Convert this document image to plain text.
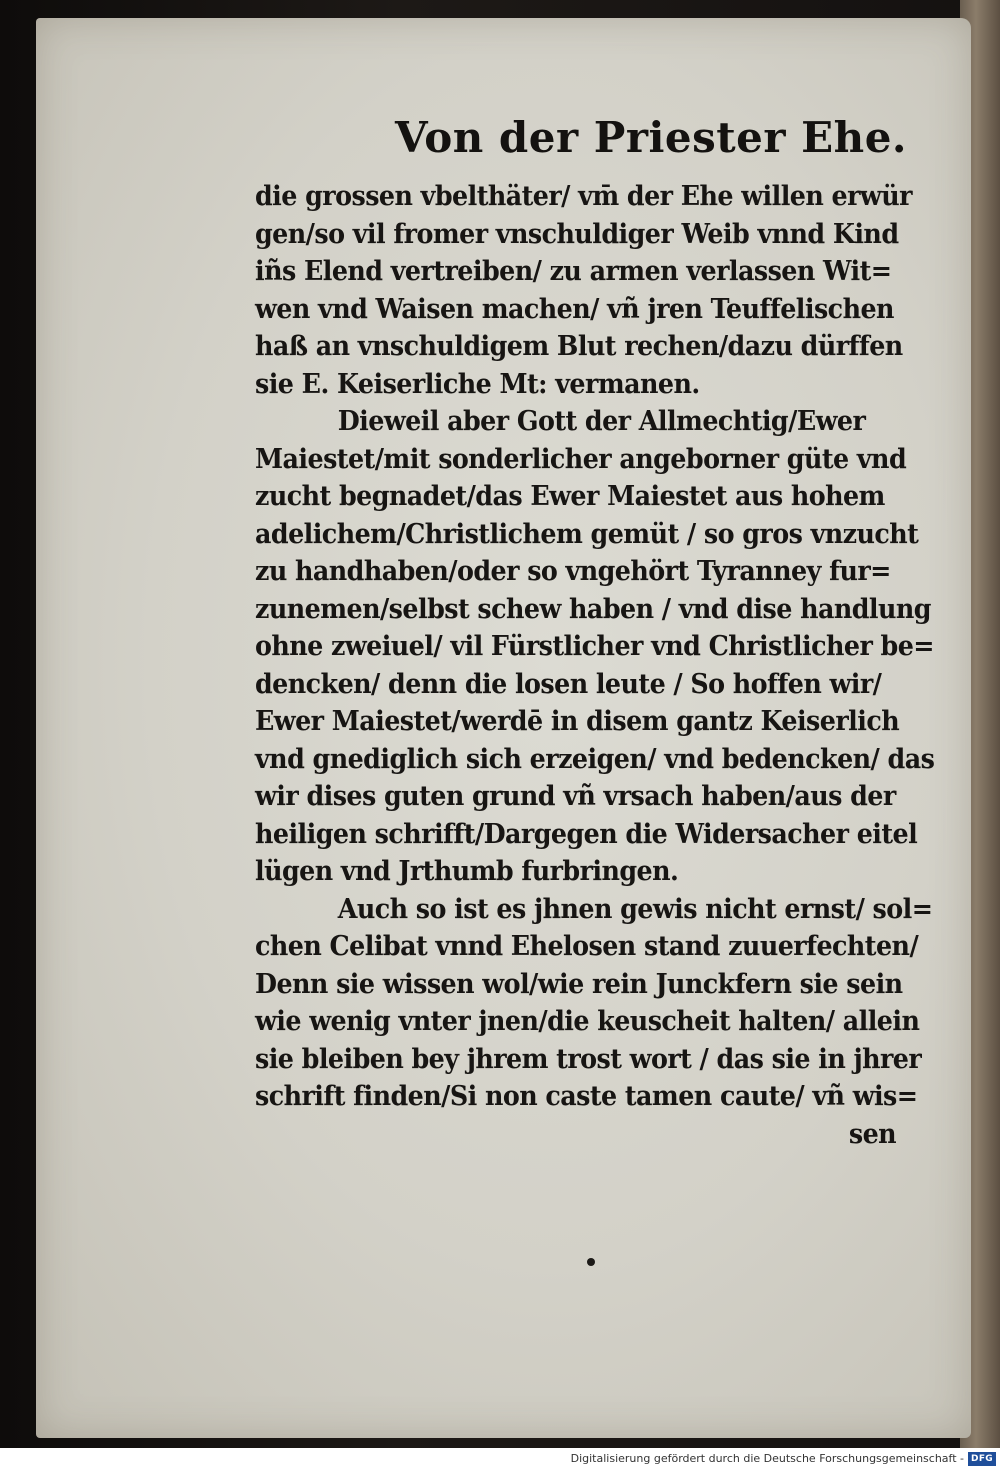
Von der Priester Ehe.
die grossen vbelthäter/ vm̄ der Ehe willen erwür
gen/so vil fromer vnschuldiger Weib vnnd Kind
iñs Elend vertreiben/ zu armen verlassen Wit=
wen vnd Waisen machen/ vñ jren Teuffelischen
haß an vnschuldigem Blut rechen/dazu dürffen
sie E. Keiserliche Mt: vermanen.
Dieweil aber Gott der Allmechtig/Ewer
Maiestet/mit sonderlicher angeborner güte vnd
zucht begnadet/das Ewer Maiestet aus hohem
adelichem/Christlichem gemüt / so gros vnzucht
zu handhaben/oder so vngehört Tyranney fur=
zunemen/selbst schew haben / vnd dise handlung
ohne zweiuel/ vil Fürstlicher vnd Christlicher be=
dencken/ denn die losen leute / So hoffen wir/
Ewer Maiestet/werdē in disem gantz Keiserlich
vnd gnediglich sich erzeigen/ vnd bedencken/ das
wir dises guten grund vñ vrsach haben/aus der
heiligen schrifft/Dargegen die Widersacher eitel
lügen vnd Jrthumb furbringen.
Auch so ist es jhnen gewis nicht ernst/ sol=
chen Celibat vnnd Ehelosen stand zuuerfechten/
Denn sie wissen wol/wie rein Junckfern sie sein
wie wenig vnter jnen/die keuscheit halten/ allein
sie bleiben bey jhrem trost wort / das sie in jhrer
schrift finden/Si non caste tamen caute/ vñ wis=
sen
Digitalisierung gefördert durch die Deutsche Forschungsgemeinschaft - DFG
